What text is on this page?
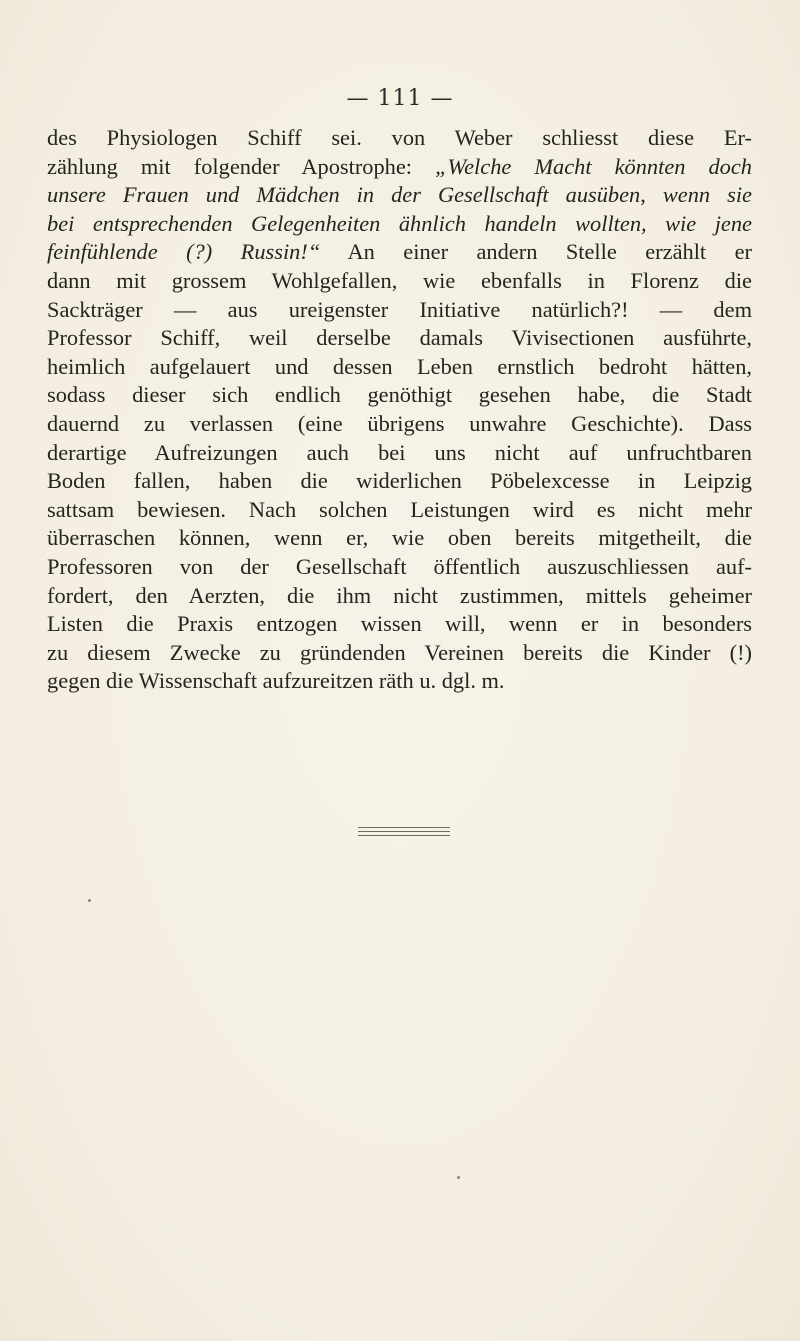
— 111 —
des Physiologen Schiff sei. von Weber schliesst diese Er-
zählung mit folgender Apostrophe: „Welche Macht könnten doch
unsere Frauen und Mädchen in der Gesellschaft ausüben, wenn sie
bei entsprechenden Gelegenheiten ähnlich handeln wollten, wie jene
feinfühlende (?) Russin!“ An einer andern Stelle erzählt er
dann mit grossem Wohlgefallen, wie ebenfalls in Florenz die
Sackträger — aus ureigenster Initiative natürlich?! — dem
Professor Schiff, weil derselbe damals Vivisectionen ausführte,
heimlich aufgelauert und dessen Leben ernstlich bedroht hätten,
sodass dieser sich endlich genöthigt gesehen habe, die Stadt
dauernd zu verlassen (eine übrigens unwahre Geschichte). Dass
derartige Aufreizungen auch bei uns nicht auf unfruchtbaren
Boden fallen, haben die widerlichen Pöbelexcesse in Leipzig
sattsam bewiesen. Nach solchen Leistungen wird es nicht mehr
überraschen können, wenn er, wie oben bereits mitgetheilt, die
Professoren von der Gesellschaft öffentlich auszuschliessen auf-
fordert, den Aerzten, die ihm nicht zustimmen, mittels geheimer
Listen die Praxis entzogen wissen will, wenn er in besonders
zu diesem Zwecke zu gründenden Vereinen bereits die Kinder (!)
gegen die Wissenschaft aufzureitzen räth u. dgl. m.
